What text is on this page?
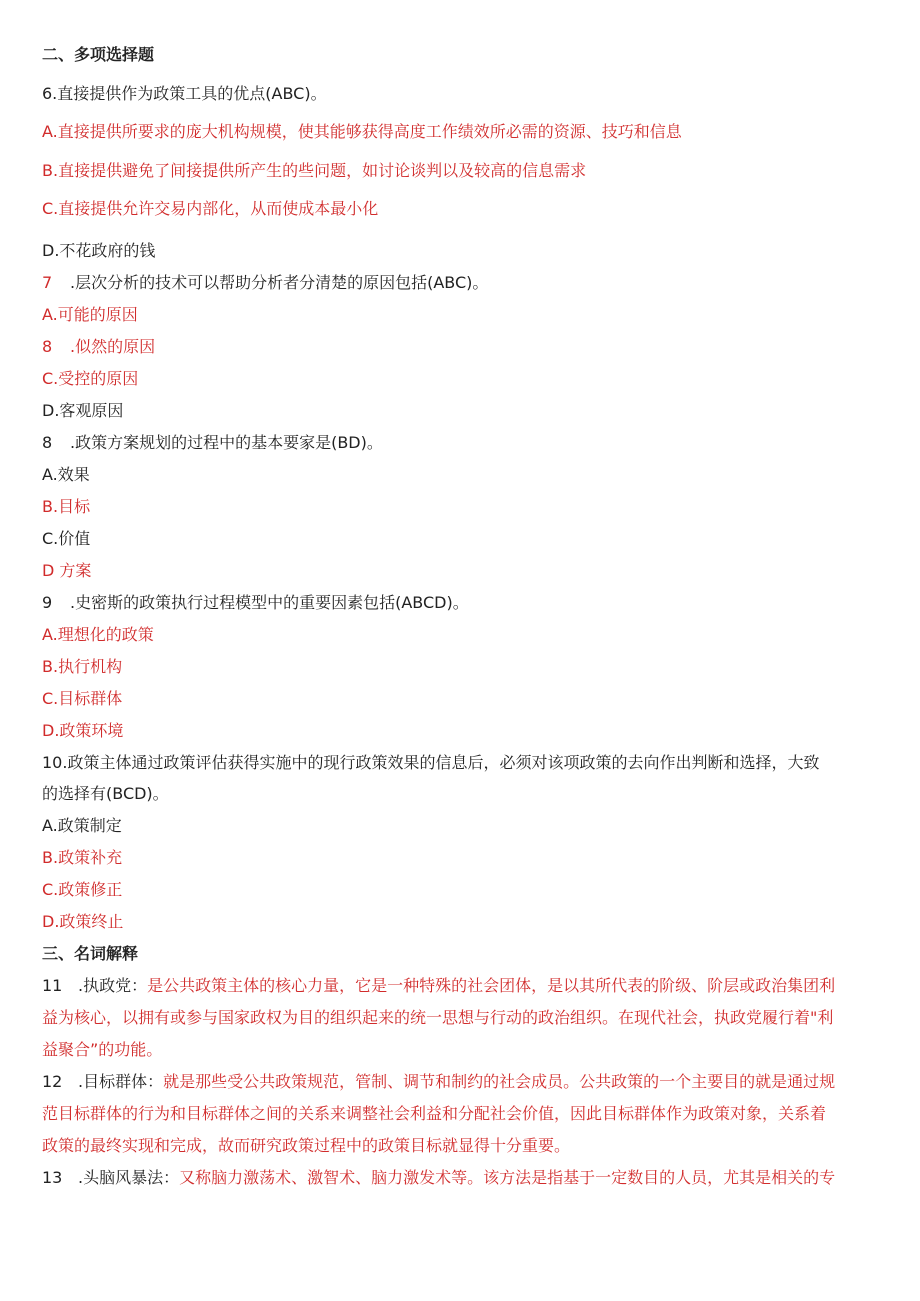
二、多项选择题
6.直接提供作为政策工具的优点(ABC)。
A.直接提供所要求的庞大机构规模，使其能够获得高度工作绩效所必需的资源、技巧和信息
B.直接提供避免了间接提供所产生的些问题，如讨论谈判以及较高的信息需求
C.直接提供允许交易内部化，从而使成本最小化
D.不花政府的钱
7 .层次分析的技术可以帮助分析者分清楚的原因包括(ABC)。
A.可能的原因
8 .似然的原因
C.受控的原因
D.客观原因
8 .政策方案规划的过程中的基本要家是(BD)。
A.效果
B.目标
C.价值
D 方案
9 .史密斯的政策执行过程模型中的重要因素包括(ABCD)。
A.理想化的政策
B.执行机构
C.目标群体
D.政策环境
10.政策主体通过政策评估获得实施中的现行政策效果的信息后，必须对该项政策的去向作出判断和选择，大致
的选择有(BCD)。
A.政策制定
B.政策补充
C.政策修正
D.政策终止
三、名词解释
11 .执政党：是公共政策主体的核心力量，它是一种特殊的社会团体，是以其所代表的阶级、阶层或政治集团利
益为核心，以拥有或参与国家政权为目的组织起来的统一思想与行动的政治组织。在现代社会，执政党履行着"利
益聚合”的功能。
12 .目标群体：就是那些受公共政策规范，管制、调节和制约的社会成员。公共政策的一个主要目的就是通过规
范目标群体的行为和目标群体之间的关系来调整社会利益和分配社会价值，因此目标群体作为政策对象，关系着
政策的最终实现和完成，故而研究政策过程中的政策目标就显得十分重要。
13 .头脑风暴法：又称脑力激荡术、激智术、脑力激发术等。该方法是指基于一定数目的人员，尤其是相关的专
